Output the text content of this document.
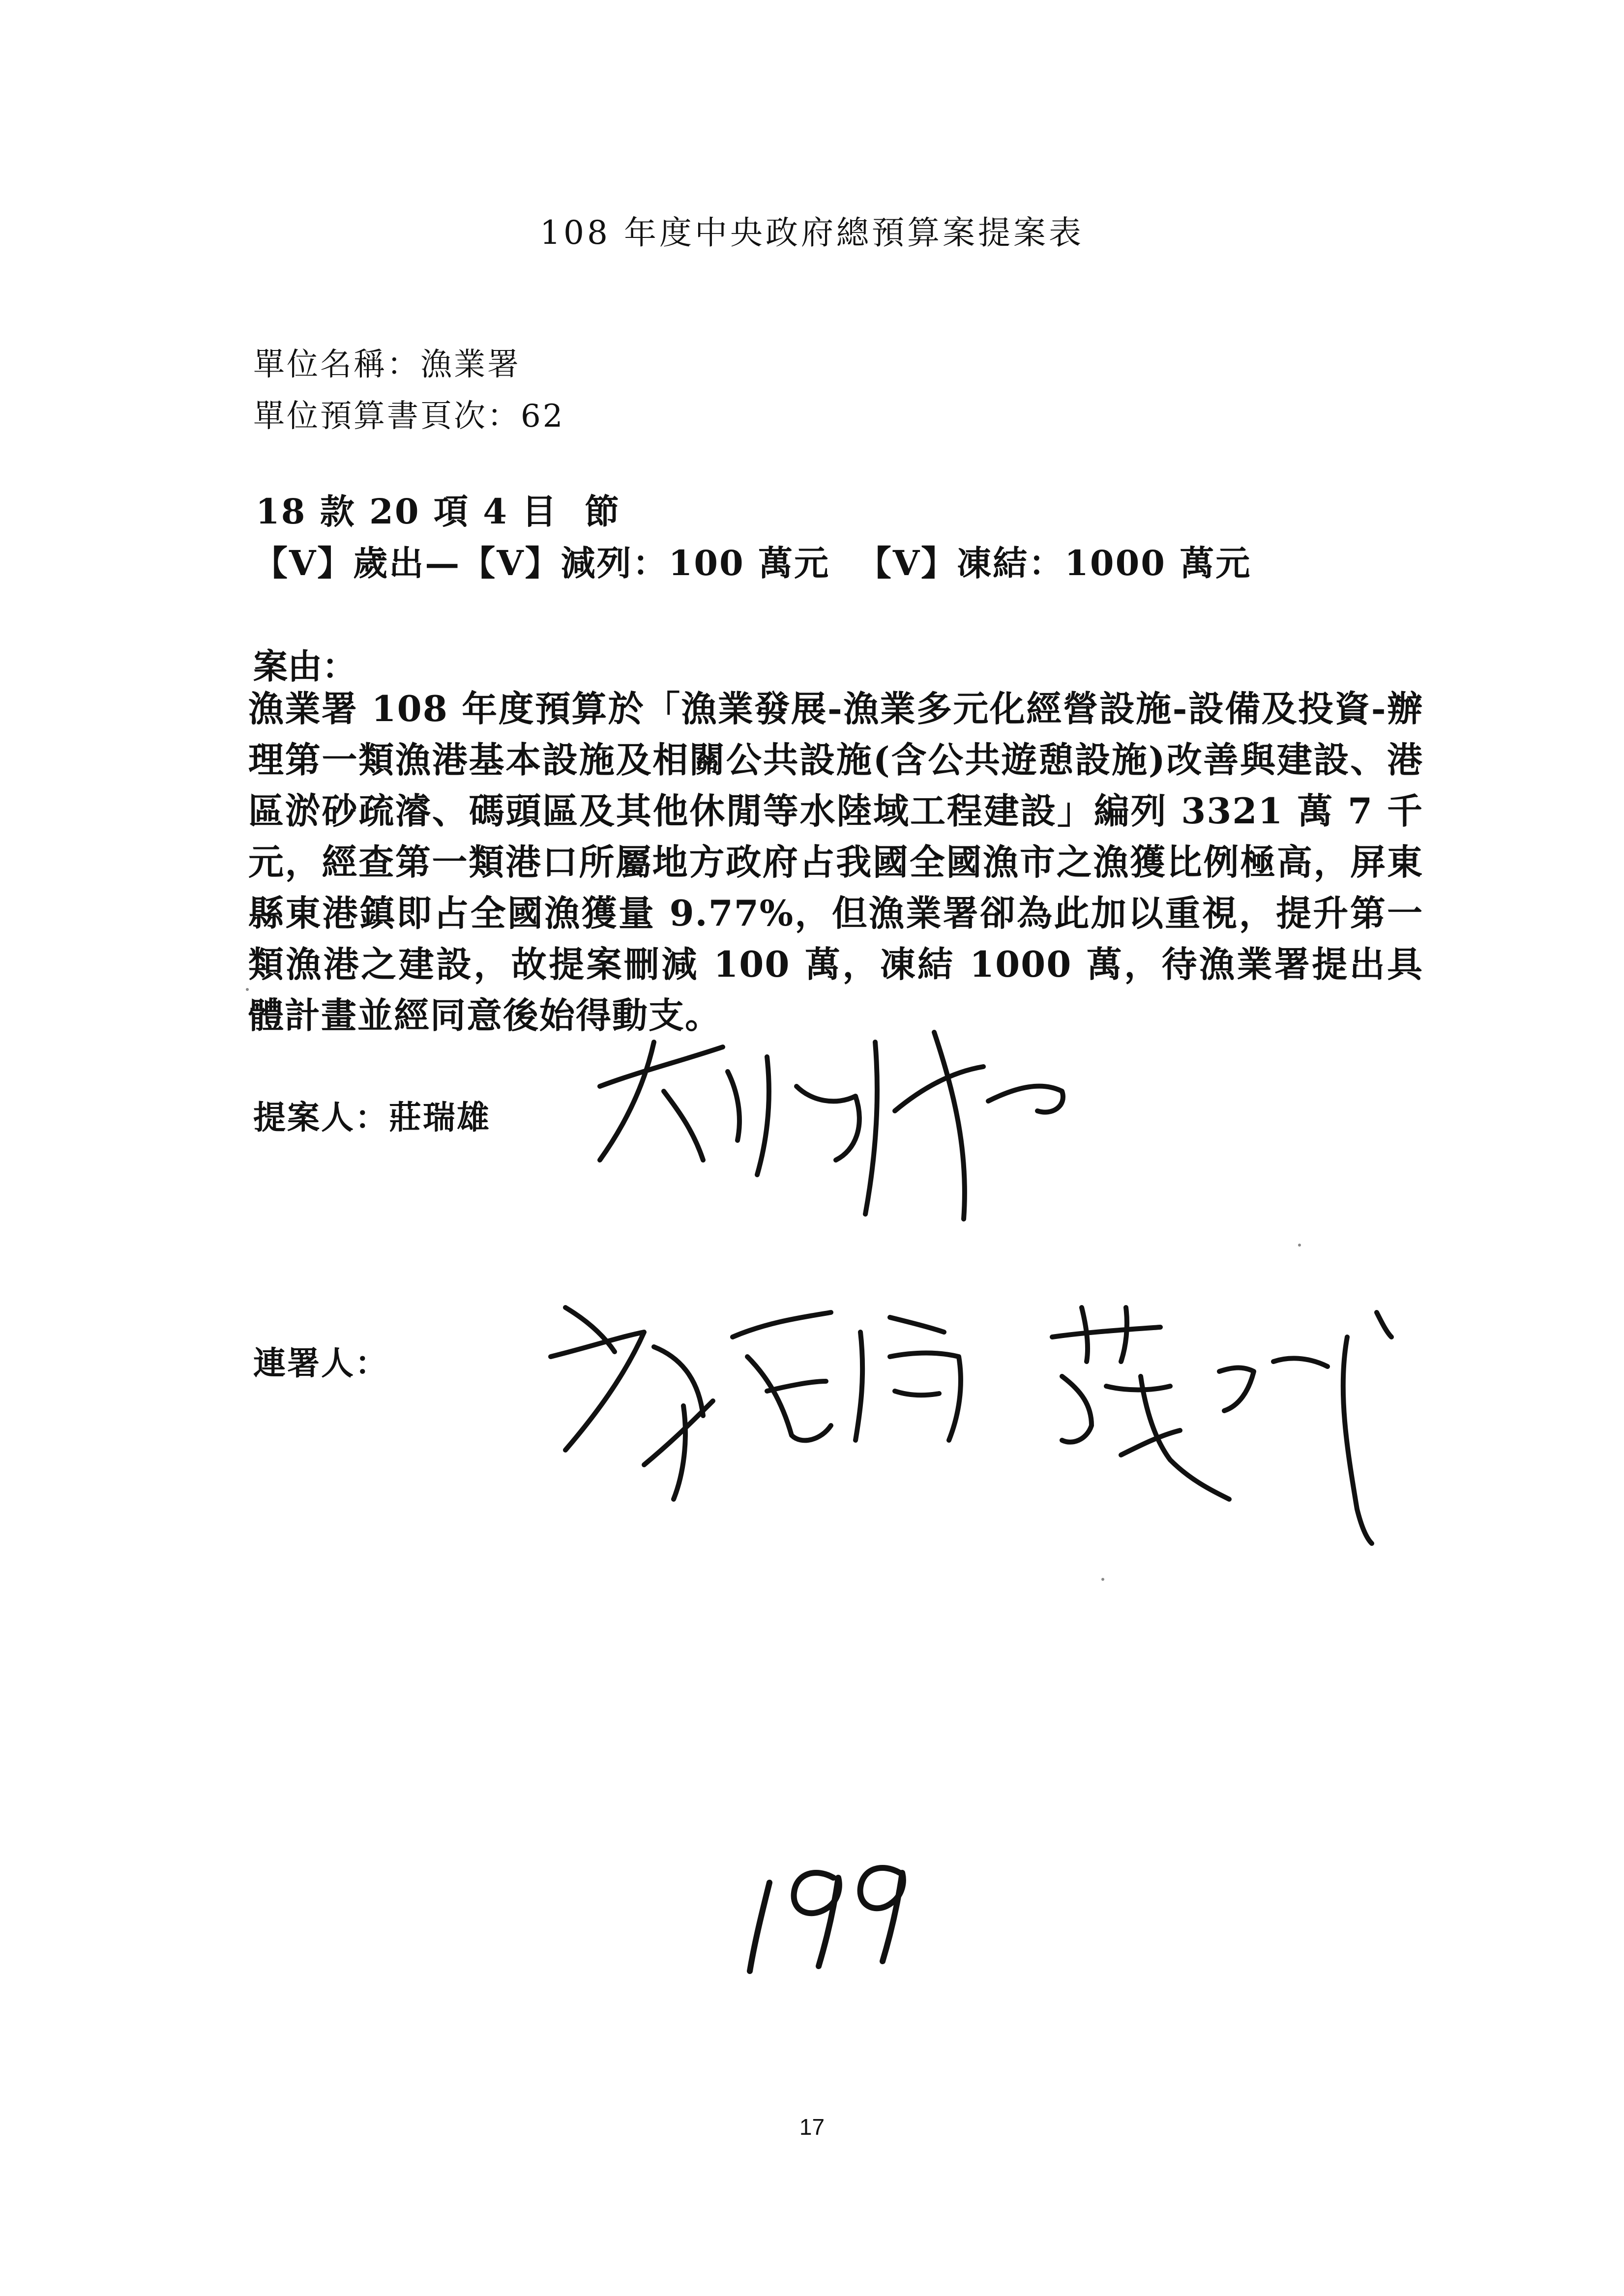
108 年度中央政府總預算案提案表
單位名稱：漁業署
單位預算書頁次：62
18 款 20 項 4 目  節
【V】歲出—【V】減列：100 萬元  【V】凍結：1000 萬元
案由：
漁業署 108 年度預算於「漁業發展-漁業多元化經營設施-設備及投資-辦理第一類漁港基本設施及相關公共設施(含公共遊憩設施)改善與建設、港區淤砂疏濬、碼頭區及其他休閒等水陸域工程建設」編列 3321 萬 7 千元，經查第一類港口所屬地方政府占我國全國漁市之漁獲比例極高，屏東縣東港鎮即占全國漁獲量 9.77%，但漁業署卻為此加以重視，提升第一類漁港之建設，故提案刪減 100 萬，凍結 1000 萬，待漁業署提出具體計畫並經同意後始得動支。
提案人：莊瑞雄
連署人：
17
